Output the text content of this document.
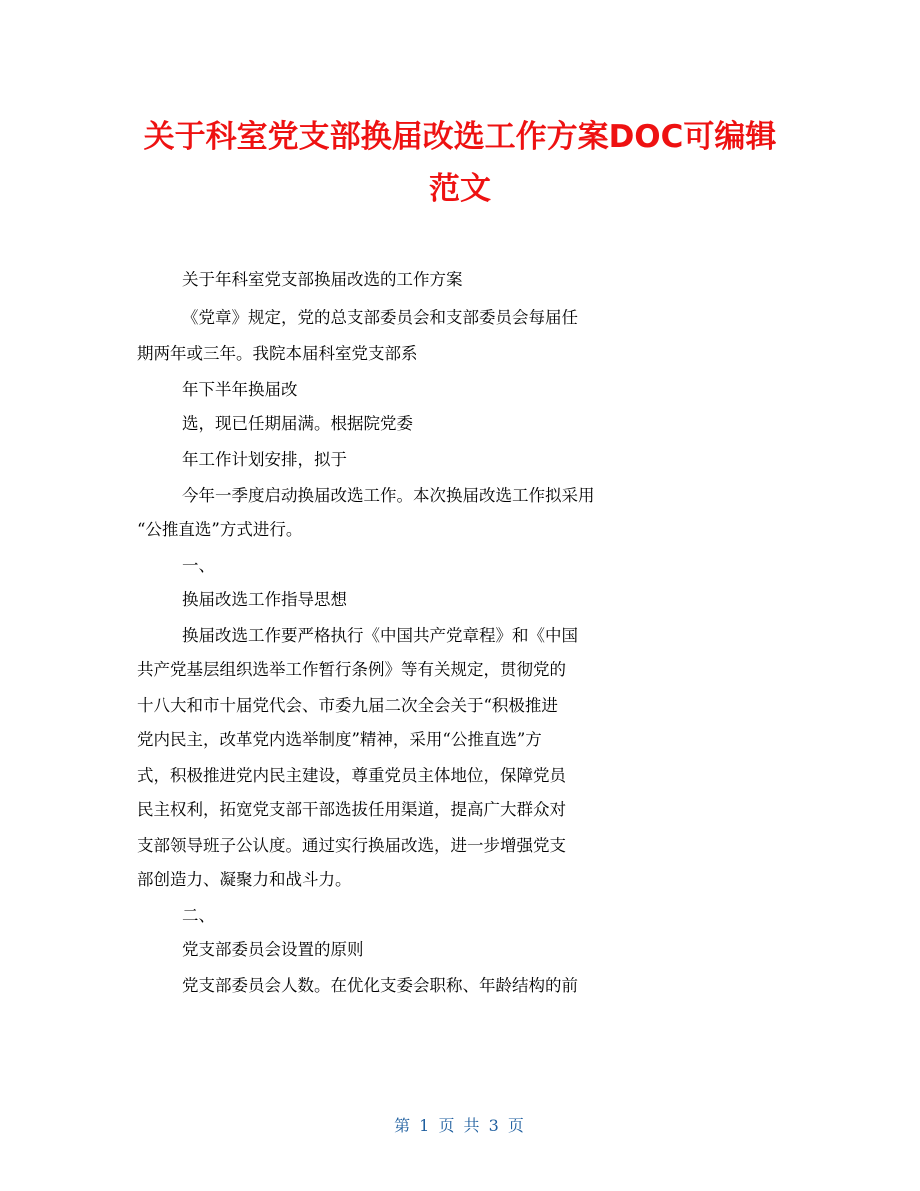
关于科室党支部换届改选工作方案DOC可编辑
范文
关于年科室党支部换届改选的工作方案
《党章》规定，党的总支部委员会和支部委员会每届任
期两年或三年。我院本届科室党支部系
年下半年换届改
选，现已任期届满。根据院党委
年工作计划安排，拟于
今年一季度启动换届改选工作。本次换届改选工作拟采用
“公推直选”方式进行。
一、
换届改选工作指导思想
换届改选工作要严格执行《中国共产党章程》和《中国
共产党基层组织选举工作暂行条例》等有关规定，贯彻党的
十八大和市十届党代会、市委九届二次全会关于“积极推进
党内民主，改革党内选举制度”精神，采用“公推直选”方
式，积极推进党内民主建设，尊重党员主体地位，保障党员
民主权利，拓宽党支部干部选拔任用渠道，提高广大群众对
支部领导班子公认度。通过实行换届改选，进一步增强党支
部创造力、凝聚力和战斗力。
二、
党支部委员会设置的原则
党支部委员会人数。在优化支委会职称、年龄结构的前
第 1 页 共 3 页
